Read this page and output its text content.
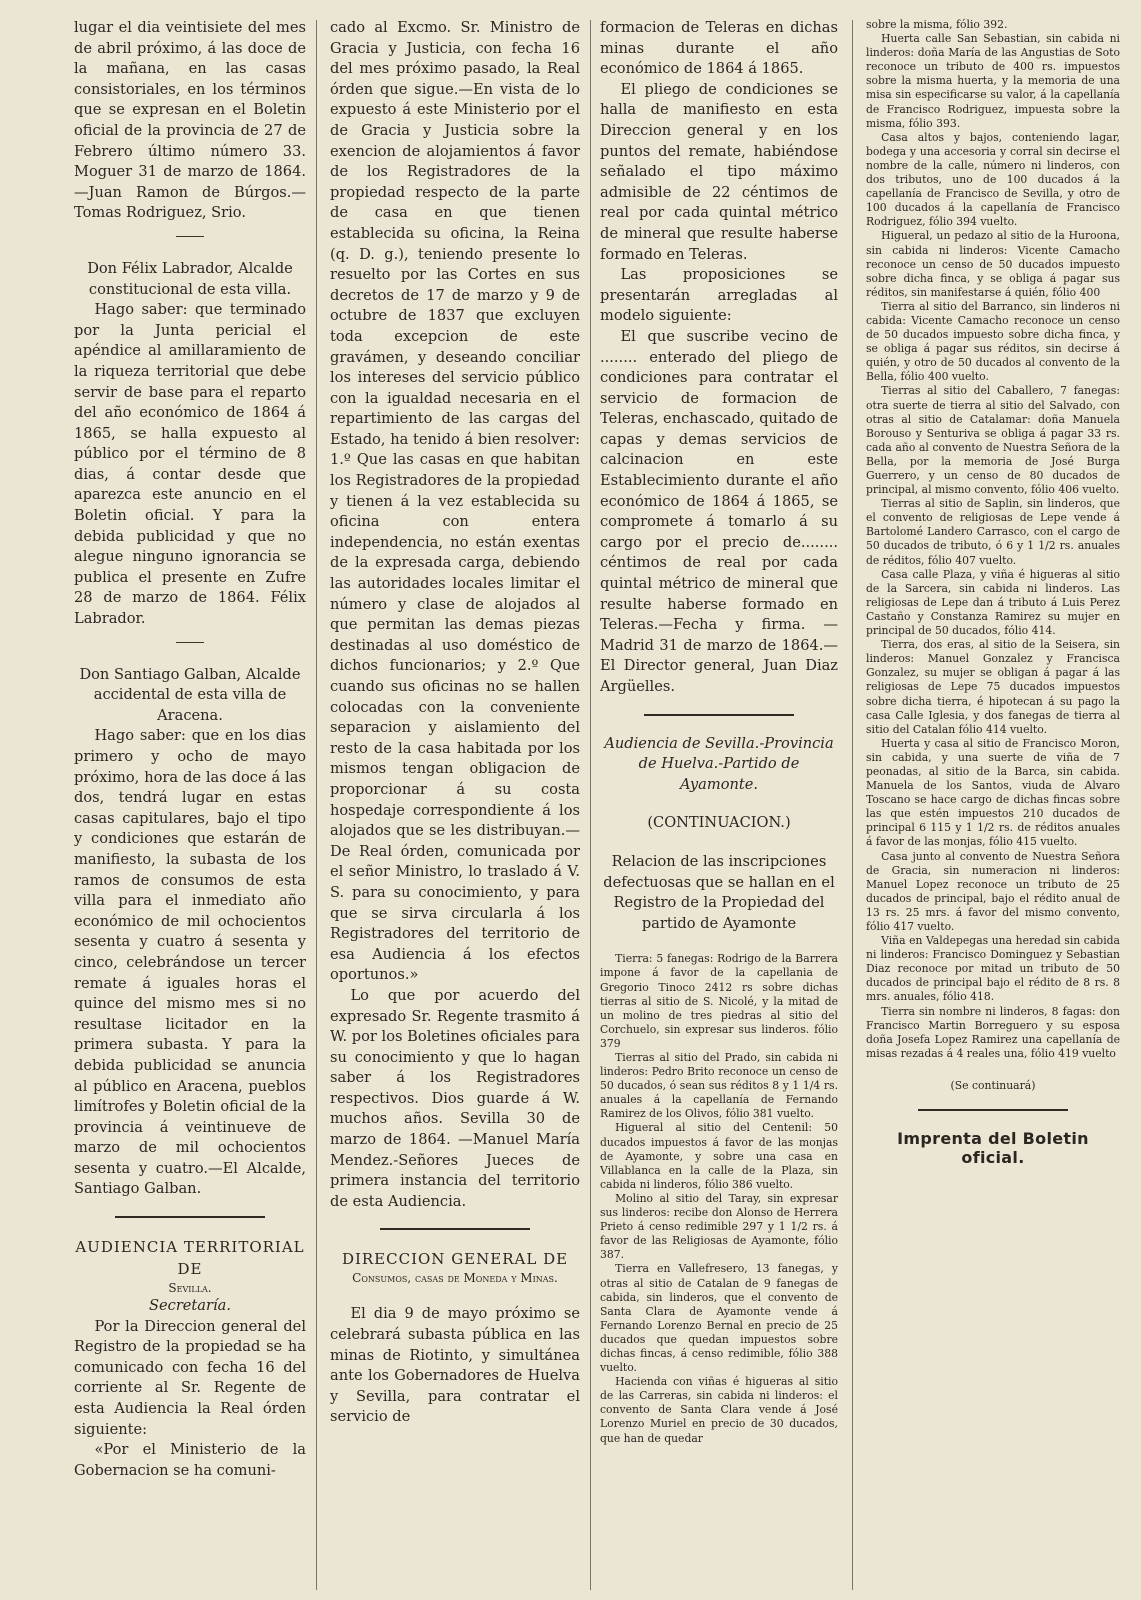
lugar el dia veintisiete del mes de abril próximo, á las doce de la mañana, en las casas consistoriales, en los términos que se expresan en el Boletin oficial de la provincia de 27 de Febrero último número 33. Moguer 31 de marzo de 1864.—Juan Ramon de Búrgos.—Tomas Rodriguez, Srio.

Don Félix Labrador, Alcalde constitucional de esta villa.

Hago saber: que terminado por la Junta pericial el apéndice al amillaramiento de la riqueza territorial que debe servir de base para el reparto del año económico de 1864 á 1865, se halla expuesto al público por el término de 8 dias, á contar desde que aparezca este anuncio en el Boletin oficial. Y para la debida publicidad y que no alegue ninguno ignorancia se publica el presente en Zufre 28 de marzo de 1864. Félix Labrador.

Don Santiago Galban, Alcalde accidental de esta villa de Aracena.

Hago saber: que en los dias primero y ocho de mayo próximo, hora de las doce á las dos, tendrá lugar en estas casas capitulares, bajo el tipo y condiciones que estarán de manifiesto, la subasta de los ramos de consumos de esta villa para el inmediato año económico de mil ochocientos sesenta y cuatro á sesenta y cinco, celebrándose un tercer remate á iguales horas el quince del mismo mes si no resultase licitador en la primera subasta. Y para la debida publicidad se anuncia al público en Aracena, pueblos limítrofes y Boletin oficial de la provincia á veintinueve de marzo de mil ochocientos sesenta y cuatro.—El Alcalde, Santiago Galban.

AUDIENCIA TERRITORIAL DE
Sevilla.

Secretaría.

Por la Direccion general del Registro de la propiedad se ha comunicado con fecha 16 del corriente al Sr. Regente de esta Audiencia la Real órden siguiente:

«Por el Ministerio de la Gobernacion se ha comuni-

cado al Excmo. Sr. Ministro de Gracia y Justicia, con fecha 16 del mes próximo pasado, la Real órden que sigue.—En vista de lo expuesto á este Ministerio por el de Gracia y Justicia sobre la exencion de alojamientos á favor de los Registradores de la propiedad respecto de la parte de casa en que tienen establecida su oficina, la Reina (q. D. g.), teniendo presente lo resuelto por las Cortes en sus decretos de 17 de marzo y 9 de octubre de 1837 que excluyen toda excepcion de este gravámen, y deseando conciliar los intereses del servicio público con la igualdad necesaria en el repartimiento de las cargas del Estado, ha tenido á bien resolver: 1.º Que las casas en que habitan los Registradores de la propiedad y tienen á la vez establecida su oficina con entera independencia, no están exentas de la expresada carga, debiendo las autoridades locales limitar el número y clase de alojados al que permitan las demas piezas destinadas al uso doméstico de dichos funcionarios; y 2.º Que cuando sus oficinas no se hallen colocadas con la conveniente separacion y aislamiento del resto de la casa habitada por los mismos tengan obligacion de proporcionar á su costa hospedaje correspondiente á los alojados que se les distribuyan.—De Real órden, comunicada por el señor Ministro, lo traslado á V. S. para su conocimiento, y para que se sirva circularla á los Registradores del territorio de esa Audiencia á los efectos oportunos.»

Lo que por acuerdo del expresado Sr. Regente trasmito á W. por los Boletines oficiales para su conocimiento y que lo hagan saber á los Registradores respectivos. Dios guarde á W. muchos años. Sevilla 30 de marzo de 1864. —Manuel María Mendez.-Señores Jueces de primera instancia del territorio de esta Audiencia.

DIRECCION GENERAL DE
Consumos, casas de Moneda y Minas.

El dia 9 de mayo próximo se celebrará subasta pública en las minas de Riotinto, y simultánea ante los Gobernadores de Huelva y Sevilla, para contratar el servicio de

formacion de Teleras en dichas minas durante el año económico de 1864 á 1865.

El pliego de condiciones se halla de manifiesto en esta Direccion general y en los puntos del remate, habiéndose señalado el tipo máximo admisible de 22 céntimos de real por cada quintal métrico de mineral que resulte haberse formado en Teleras.

Las proposiciones se presentarán arregladas al modelo siguiente:

El que suscribe vecino de ........ enterado del pliego de condiciones para contratar el servicio de formacion de Teleras, enchascado, quitado de capas y demas servicios de calcinacion en este Establecimiento durante el año económico de 1864 á 1865, se compromete á tomarlo á su cargo por el precio de........ céntimos de real por cada quintal métrico de mineral que resulte haberse formado en Teleras.—Fecha y firma. —Madrid 31 de marzo de 1864.—El Director general, Juan Diaz Argüelles.

Audiencia de Sevilla.-Provincia de Huelva.-Partido de Ayamonte.

(CONTINUACION.)

Relacion de las inscripciones defectuosas que se hallan en el Registro de la Propiedad del partido de Ayamonte

Tierra: 5 fanegas: Rodrigo de la Barrera impone á favor de la capellania de Gregorio Tinoco 2412 rs sobre dichas tierras al sitio de S. Nicolé, y la mitad de un molino de tres piedras al sitio del Corchuelo, sin expresar sus linderos. fólio 379

Tierras al sitio del Prado, sin cabida ni linderos: Pedro Brito reconoce un censo de 50 ducados, ó sean sus réditos 8 y 1 1/4 rs. anuales á la capellanía de Fernando Ramirez de los Olivos, fólio 381 vuelto.

Higueral al sitio del Centenil: 50 ducados impuestos á favor de las monjas de Ayamonte, y sobre una casa en Villablanca en la calle de la Plaza, sin cabida ni linderos, fólio 386 vuelto.

Molino al sitio del Taray, sin expresar sus linderos: recibe don Alonso de Herrera Prieto á censo redimible 297 y 1 1/2 rs. á favor de las Religiosas de Ayamonte, fólio 387.

Tierra en Vallefresero, 13 fanegas, y otras al sitio de Catalan de 9 fanegas de cabida, sin linderos, que el convento de Santa Clara de Ayamonte vende á Fernando Lorenzo Bernal en precio de 25 ducados que quedan impuestos sobre dichas fincas, á censo redimible, fólio 388 vuelto.

Hacienda con viñas é higueras al sitio de las Carreras, sin cabida ni linderos: el convento de Santa Clara vende á José Lorenzo Muriel en precio de 30 ducados, que han de quedar

sobre la misma, fólio 392.

Huerta calle San Sebastian, sin cabida ni linderos: doña María de las Angustias de Soto reconoce un tributo de 400 rs. impuestos sobre la misma huerta, y la memoria de una misa sin especificarse su valor, á la capellanía de Francisco Rodriguez, impuesta sobre la misma, fólio 393.

Casa altos y bajos, conteniendo lagar, bodega y una accesoria y corral sin decirse el nombre de la calle, número ni linderos, con dos tributos, uno de 100 ducados á la capellanía de Francisco de Sevilla, y otro de 100 ducados á la capellanía de Francisco Rodriguez, fólio 394 vuelto.

Higueral, un pedazo al sitio de la Huroona, sin cabida ni linderos: Vicente Camacho reconoce un censo de 50 ducados impuesto sobre dicha finca, y se obliga á pagar sus réditos, sin manifestarse á quién, fólio 400

Tierra al sitio del Barranco, sin linderos ni cabida: Vicente Camacho reconoce un censo de 50 ducados impuesto sobre dicha finca, y se obliga á pagar sus réditos, sin decirse á quién, y otro de 50 ducados al convento de la Bella, fólio 400 vuelto.

Tierras al sitio del Caballero, 7 fanegas: otra suerte de tierra al sitio del Salvado, con otras al sitio de Catalamar: doña Manuela Borouso y Senturiva se obliga á pagar 33 rs. cada año al convento de Nuestra Señora de la Bella, por la memoria de José Burga Guerrero, y un censo de 80 ducados de principal, al mismo convento, fólio 406 vuelto.

Tierras al sitio de Saplin, sin linderos, que el convento de religiosas de Lepe vende á Bartolomé Landero Carrasco, con el cargo de 50 ducados de tributo, ó 6 y 1 1/2 rs. anuales de réditos, fólio 407 vuelto.

Casa calle Plaza, y viña é higueras al sitio de la Sarcera, sin cabida ni linderos. Las religiosas de Lepe dan á tributo á Luis Perez Castaño y Constanza Ramirez su mujer en principal de 50 ducados, fólio 414.

Tierra, dos eras, al sitio de la Seisera, sin linderos: Manuel Gonzalez y Francisca Gonzalez, su mujer se obligan á pagar á las religiosas de Lepe 75 ducados impuestos sobre dicha tierra, é hipotecan á su pago la casa Calle Iglesia, y dos fanegas de tierra al sitio del Catalan fólio 414 vuelto.

Huerta y casa al sitio de Francisco Moron, sin cabida, y una suerte de viña de 7 peonadas, al sitio de la Barca, sin cabida. Manuela de los Santos, viuda de Alvaro Toscano se hace cargo de dichas fincas sobre las que estén impuestos 210 ducados de principal 6 115 y 1 1/2 rs. de réditos anuales á favor de las monjas, fólio 415 vuelto.

Casa junto al convento de Nuestra Señora de Gracia, sin numeracion ni linderos: Manuel Lopez reconoce un tributo de 25 ducados de principal, bajo el rédito anual de 13 rs. 25 mrs. á favor del mismo convento, fólio 417 vuelto.

Viña en Valdepegas una heredad sin cabida ni linderos: Francisco Dominguez y Sebastian Diaz reconoce por mitad un tributo de 50 ducados de principal bajo el rédito de 8 rs. 8 mrs. anuales, fólio 418.

Tierra sin nombre ni linderos, 8 fagas: don Francisco Martin Borreguero y su esposa doña Josefa Lopez Ramirez una capellanía de misas rezadas á 4 reales una, fólio 419 vuelto

(Se continuará)

Imprenta del Boletin oficial.
